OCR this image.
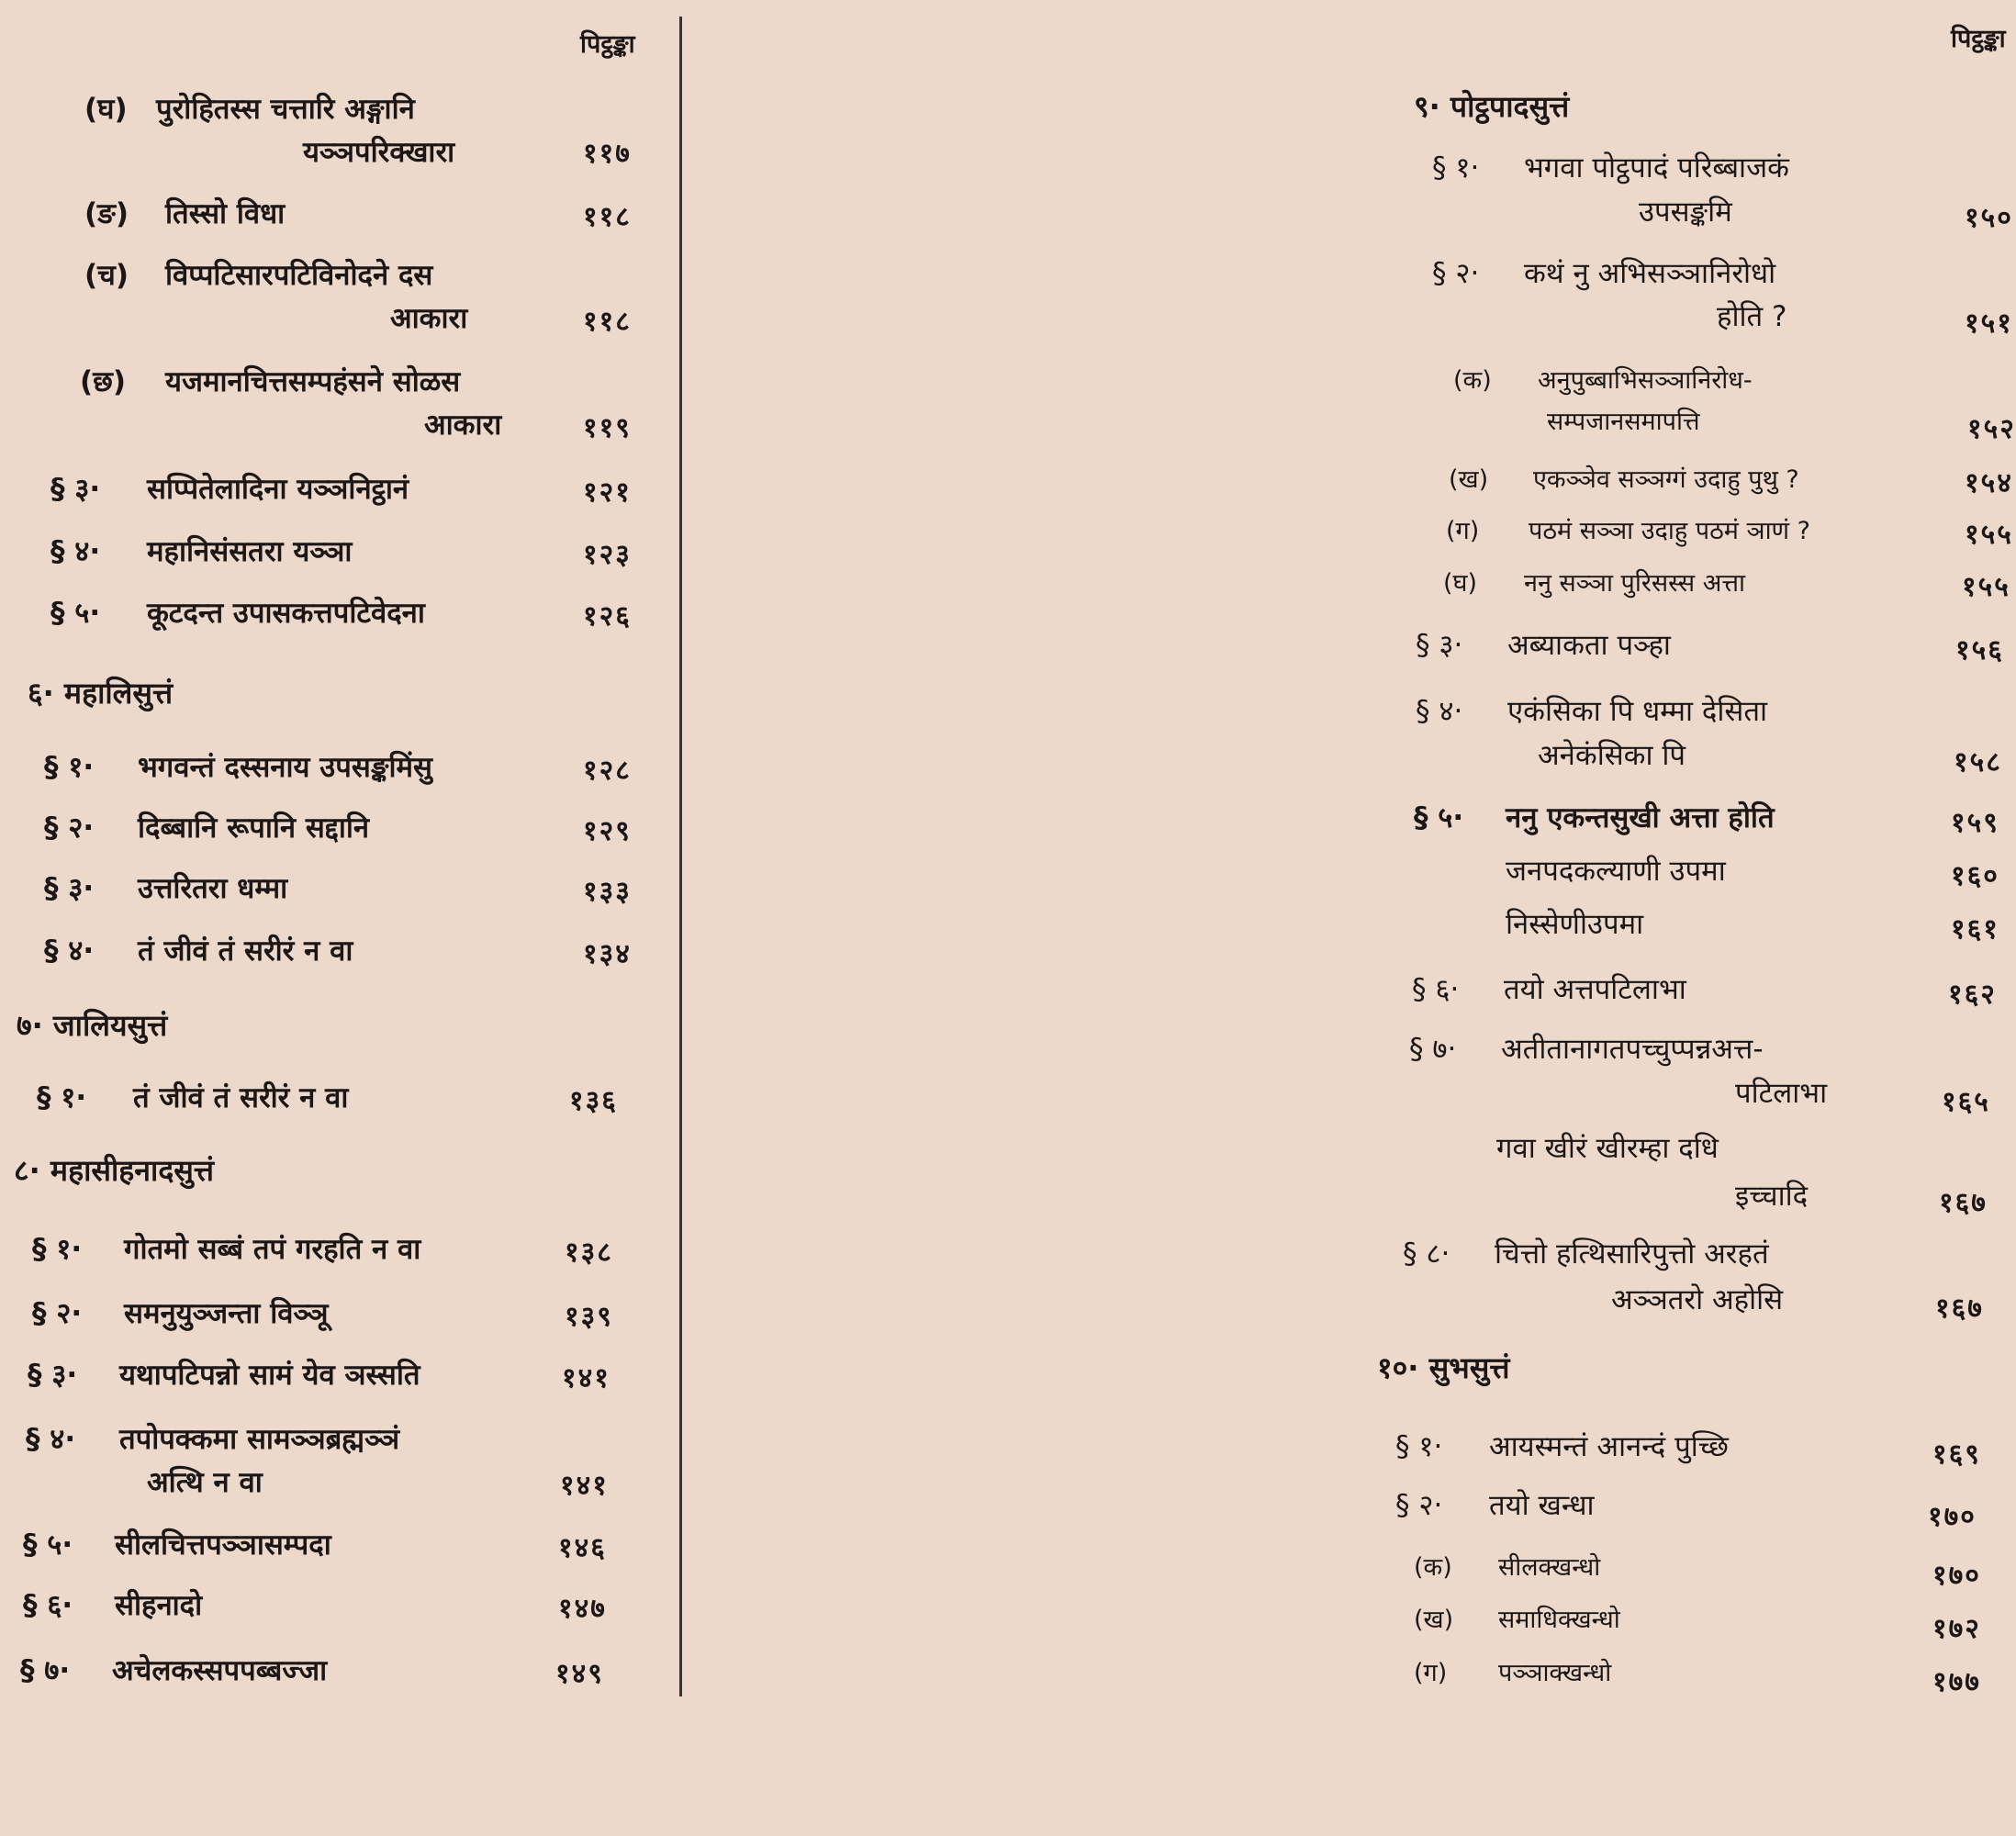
पिट्ठङ्का
(घ) पुरोहितस्स चत्तारि अङ्गानि
यञ्ञपरिक्खारा	११७
(ङ) तिस्सो विधा	११८
(च) विप्पटिसारपटिविनोदने दस
आकारा	११८
(छ) यजमानचित्तसम्पहंसने सोळस
आकारा	११९
§ ३· सप्पितेलादिना यञ्ञनिट्ठानं	१२१
§ ४· महानिसंसतरा यञ्ञा	१२३
§ ५· कूटदन्त उपासकत्तपटिवेदना	१२६
६· महालिसुत्तं
§ १· भगवन्तं दस्सनाय उपसङ्कमिंसु	१२८
§ २· दिब्बानि रूपानि सद्दानि	१२९
§ ३· उत्तरितरा धम्मा	१३३
§ ४· तं जीवं तं सरीरं न वा	१३४
७· जालियसुत्तं
§ १· तं जीवं तं सरीरं न वा	१३६
८· महासीहनादसुत्तं
§ १· गोतमो सब्बं तपं गरहति न वा	१३८
§ २· समनुयुञ्जन्ता विञ्ञू	१३९
§ ३· यथापटिपन्नो सामं येव ञस्सति	१४१
§ ४· तपोपक्कमा सामञ्ञब्रह्मञ्ञं
अत्थि न वा	१४१
§ ५· सीलचित्तपञ्ञासम्पदा	१४६
§ ६· सीहनादो	१४७
§ ७· अचेलकस्सपपब्बज्जा	१४९
पिट्ठङ्का
९· पोट्ठपादसुत्तं
§ १· भगवा पोट्ठपादं परिब्बाजकं
उपसङ्कमि	१५०
§ २· कथं नु अभिसञ्ञानिरोधो
होति ?	१५१
(क) अनुपुब्बाभिसञ्ञानिरोध-
सम्पजानसमापत्ति	१५२
(ख) एकञ्ञेव सञ्ञग्गं उदाहु पुथु ?	१५४
(ग) पठमं सञ्ञा उदाहु पठमं ञाणं ?	१५५
(घ) ननु सञ्ञा पुरिसस्स अत्ता	१५५
§ ३· अब्याकता पञ्हा	१५६
§ ४· एकंसिका पि धम्मा देसिता
अनेकंसिका पि	१५८
§ ५· ननु एकन्तसुखी अत्ता होति	१५९
जनपदकल्याणी उपमा	१६०
निस्सेणीउपमा	१६१
§ ६· तयो अत्तपटिलाभा	१६२
§ ७· अतीतानागतपच्चुप्पन्नअत्त-
पटिलाभा	१६५
गवा खीरं खीरम्हा दधि
इच्चादि	१६७
§ ८· चित्तो हत्थिसारिपुत्तो अरहतं
अञ्ञतरो अहोसि	१६७
१०· सुभसुत्तं
§ १· आयस्मन्तं आनन्दं पुच्छि	१६९
§ २· तयो खन्धा	१७०
(क) सीलक्खन्धो	१७०
(ख) समाधिक्खन्धो	१७२
(ग) पञ्ञाक्खन्धो	१७७
